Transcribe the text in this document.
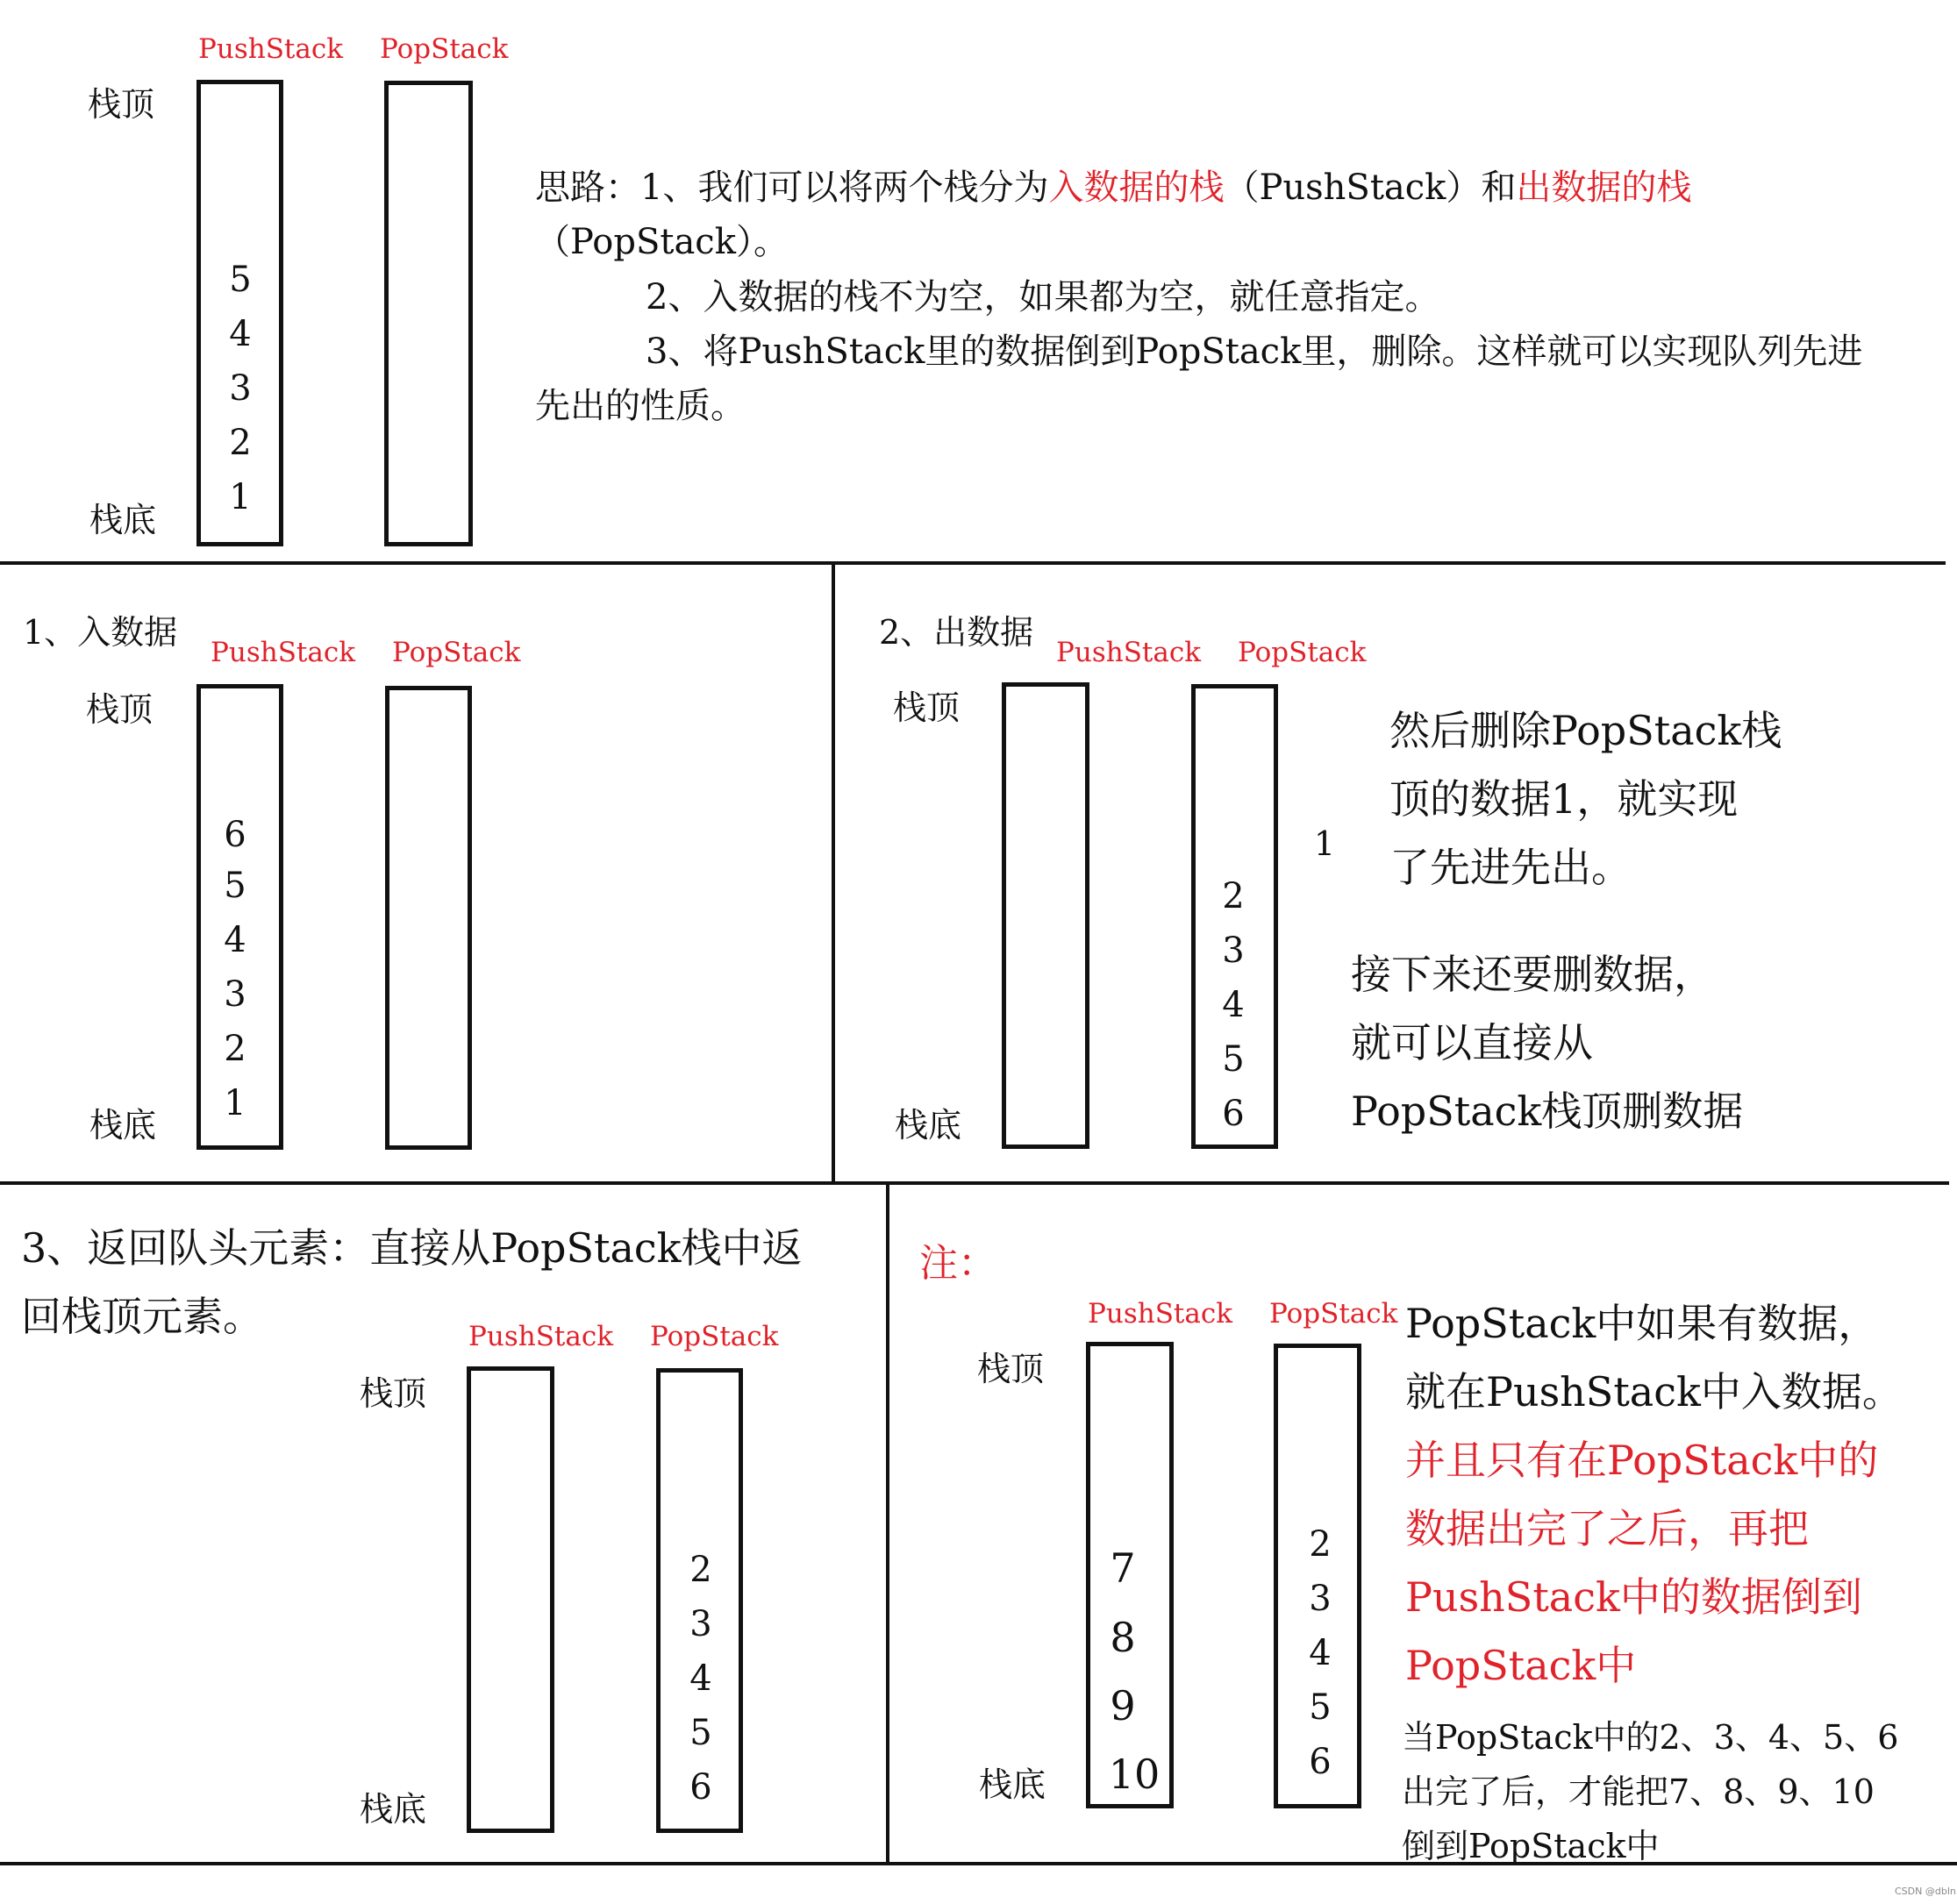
PushStack PopStack
栈顶
栈底
5
4
3
2
1
思路：1、我们可以将两个栈分为入数据的栈（PushStack）和出数据的栈
（PopStack）。
2、入数据的栈不为空，如果都为空，就任意指定。
3、将PushStack里的数据倒到PopStack里，删除。这样就可以实现队列先进
先出的性质。
1、入数据
PushStack PopStack
栈顶
栈底
6
5
4
3
2
1
2、出数据
PushStack PopStack
栈顶
栈底
2
3
4
5
6
1
然后删除PopStack栈
顶的数据1，就实现
了先进先出。
接下来还要删数据，
就可以直接从
PopStack栈顶删数据
3、返回队头元素：直接从PopStack栈中返
回栈顶元素。	PushStack PopStack
栈顶
栈底
2
3
4
5
6
注：
PushStack PopStack
栈顶
栈底
7
8
9
10
2
3
4
5
6
PopStack中如果有数据，
就在PushStack中入数据。
并且只有在PopStack中的
数据出完了之后，再把
PushStack中的数据倒到
PopStack中
当PopStack中的2、3、4、5、6
出完了后，才能把7、8、9、10
倒到PopStack中
CSDN @dbln
